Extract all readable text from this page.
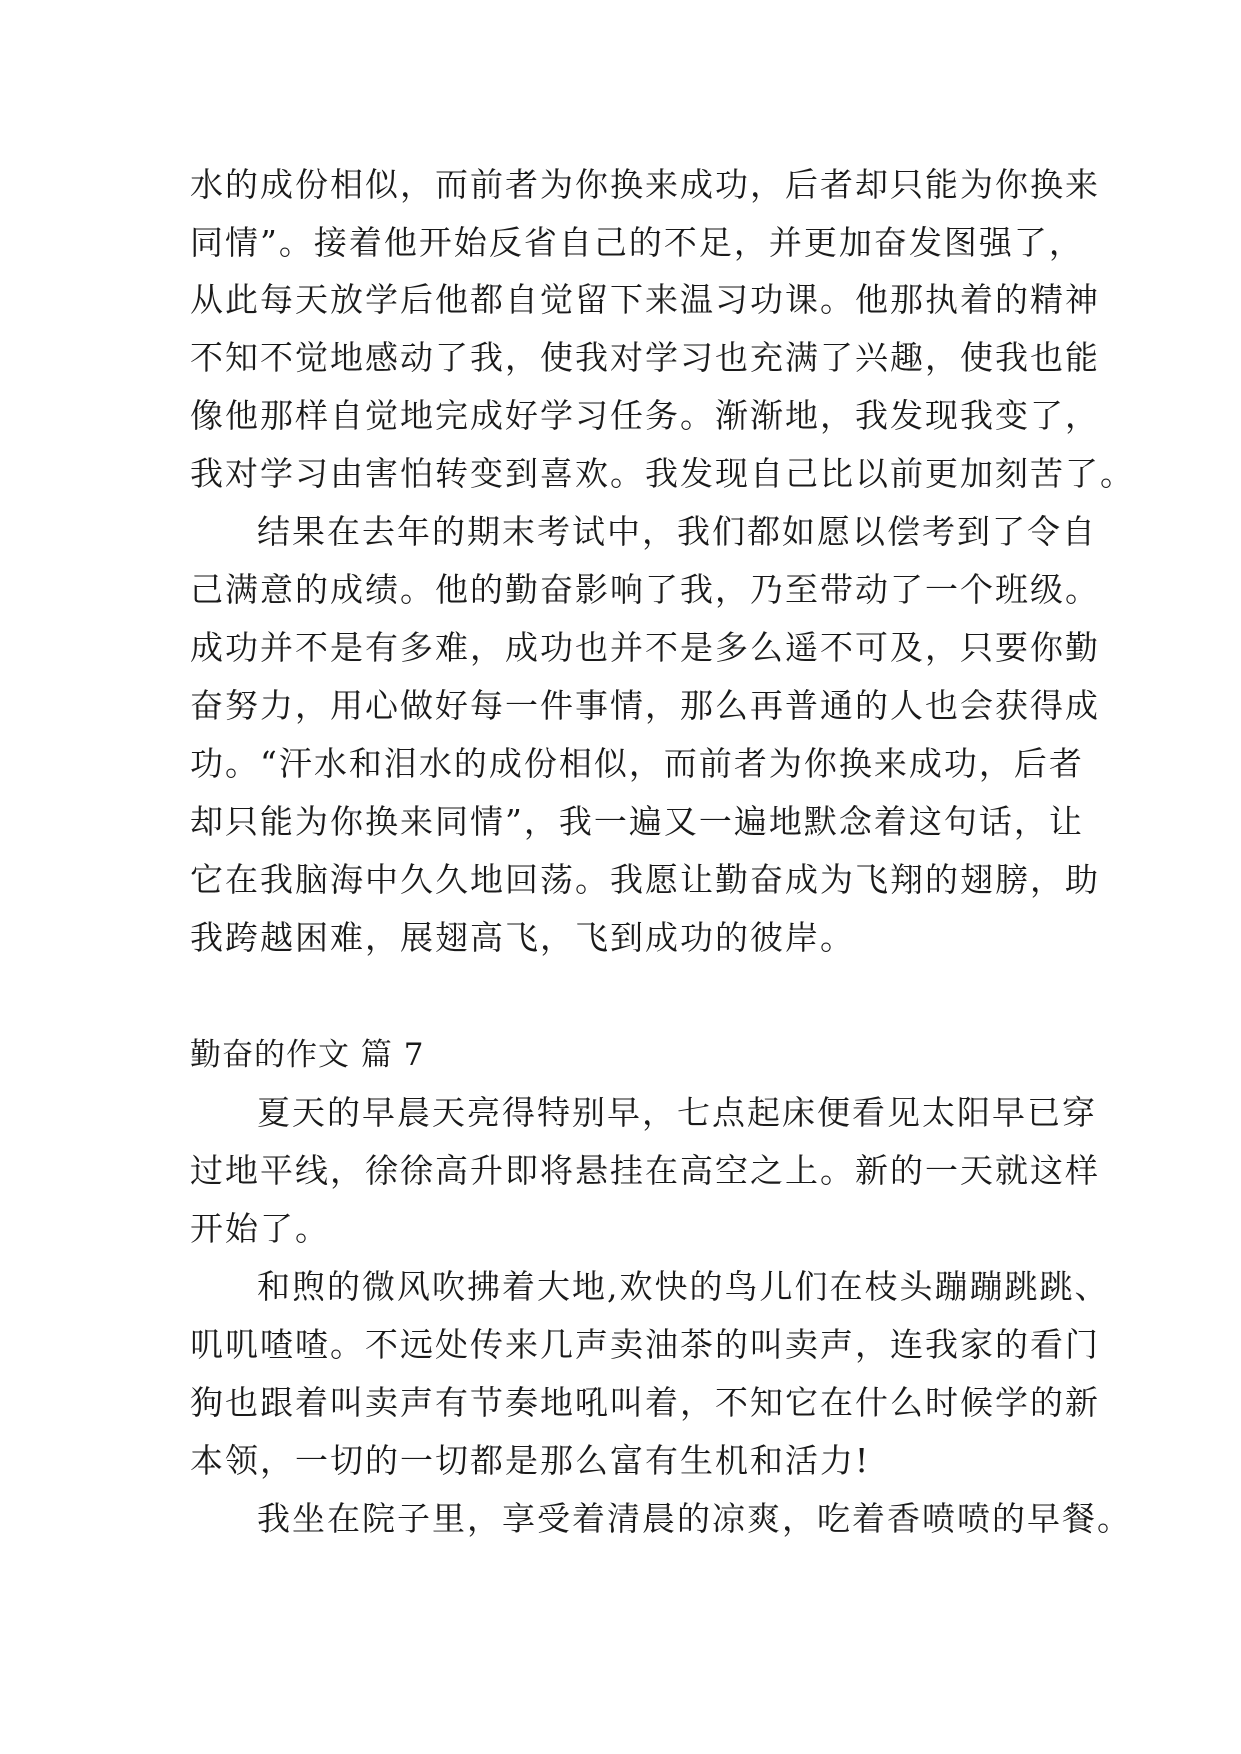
水的成份相似，而前者为你换来成功，后者却只能为你换来
同情”。接着他开始反省自己的不足，并更加奋发图强了，
从此每天放学后他都自觉留下来温习功课。他那执着的精神
不知不觉地感动了我，使我对学习也充满了兴趣，使我也能
像他那样自觉地完成好学习任务。渐渐地，我发现我变了，
我对学习由害怕转变到喜欢。我发现自己比以前更加刻苦了。
结果在去年的期末考试中，我们都如愿以偿考到了令自
己满意的成绩。他的勤奋影响了我，乃至带动了一个班级。
成功并不是有多难，成功也并不是多么遥不可及，只要你勤
奋努力，用心做好每一件事情，那么再普通的人也会获得成
功。“汗水和泪水的成份相似，而前者为你换来成功，后者
却只能为你换来同情”，我一遍又一遍地默念着这句话，让
它在我脑海中久久地回荡。我愿让勤奋成为飞翔的翅膀，助
我跨越困难，展翅高飞，飞到成功的彼岸。
勤奋的作文 篇 7
夏天的早晨天亮得特别早，七点起床便看见太阳早已穿
过地平线，徐徐高升即将悬挂在高空之上。新的一天就这样
开始了。
和煦的微风吹拂着大地,欢快的鸟儿们在枝头蹦蹦跳跳、
叽叽喳喳。不远处传来几声卖油茶的叫卖声，连我家的看门
狗也跟着叫卖声有节奏地吼叫着，不知它在什么时候学的新
本领，一切的一切都是那么富有生机和活力!
我坐在院子里，享受着清晨的凉爽，吃着香喷喷的早餐。
